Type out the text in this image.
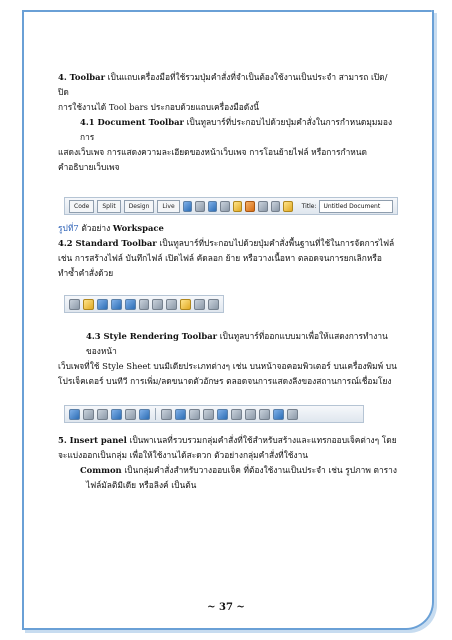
4. Toolbar เป็นแถบเครื่องมือที่ใช้รวมปุ่มคำสั่งที่จำเป็นต้องใช้งานเป็นประจำ สามารถ เปิด/ปิด

การใช้งานได้ Tool bars ประกอบด้วยแถบเครื่องมือดังนี้

4.1 Document Toolbar เป็นทูลบาร์ที่ประกอบไปด้วยปุ่มคำสั่งในการกำหนดมุมมองการ

แสดงเว็บเพจ การแสดงความละเอียดของหน้าเว็บเพจ การโอนย้ายไฟล์ หรือการกำหนด

คำอธิบายเว็บเพจ

Code	Split	Design	Live	Title:	Untitled Document

รูปที่7 ตัวอย่าง Workspace

4.2 Standard Toolbar เป็นทูลบาร์ที่ประกอบไปด้วยปุ่มคำสั่งพื้นฐานที่ใช้ในการจัดการไฟล์

เช่น การสร้างไฟล์ บันทึกไฟล์ เปิดไฟล์ คัดลอก ย้าย หรือวางเนื้อหา ตลอดจนการยกเลิกหรือ

ทำซ้ำคำสั่งด้วย

4.3 Style Rendering Toolbar เป็นทูลบาร์ที่ออกแบบมาเพื่อให้แสดงการทำงานของหน้า

เว็บเพจที่ใช้ Style Sheet บนมีเดียประเภทต่างๆ เช่น บนหน้าจอคอมพิวเตอร์ บนเครื่องพิมพ์ บน

โปรเจ็คเตอร์ บนทีวี การเพิ่ม/ลดขนาดตัวอักษร ตลอดจนการแสดงลีงของสถานการณ์เชื่อมโยง

5. Insert panel เป็นพาเนลที่รวบรวมกลุ่มคำสั่งที่ใช้สำหรับสร้างและแทรกออบเจ็คต่างๆ โดย

จะแบ่งออกเป็นกลุ่ม เพื่อให้ใช้งานได้สะดวก ตัวอย่างกลุ่มคำสั่งที่ใช้งาน

Common เป็นกลุ่มคำสั่งสำหรับวางออบเจ็ค ที่ต้องใช้งานเป็นประจำ เช่น รูปภาพ ตาราง

ไฟล์มัลติมีเดีย หรือลิงค์ เป็นต้น

~ 37 ~
